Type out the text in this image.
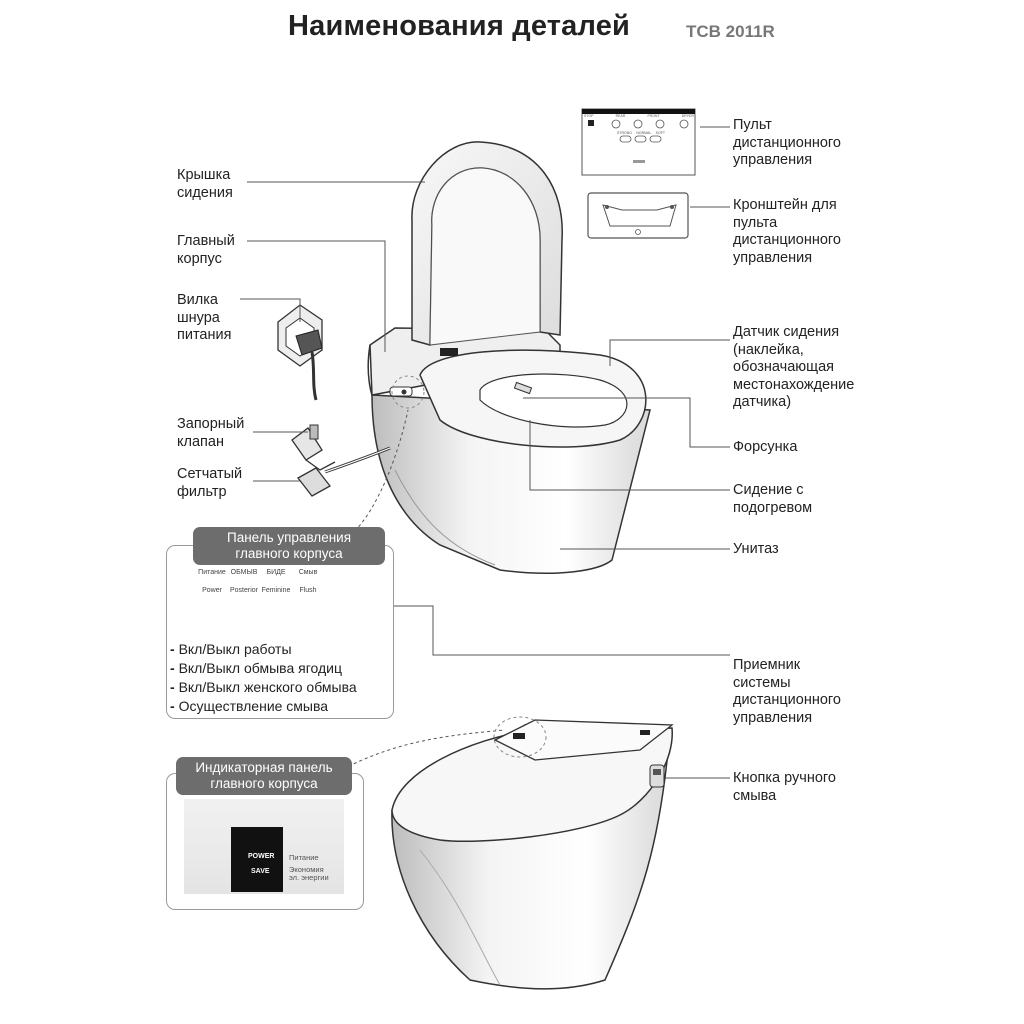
Наименования деталей	TCB 2011R
Крышка
сидения
Главный
корпус
Вилка
шнура
питания
Запорный
клапан
Сетчатый
фильтр
Пульт
дистанционного
управления
Кронштейн для
пульта
дистанционного
управления
Датчик сидения
(наклейка,
обозначающая
местонахождение
датчика)
Форсунка
Сидение с
подогревом
Унитаз
Приемник
системы
дистанционного
управления
Кнопка ручного
смыва
Панель управления
главного корпуса
Питание ОБМЫВ	БИДЕ	Смыв
Power	Posterior Feminine	Flush
- Вкл/Выкл работы
- Вкл/Выкл обмыва ягодиц
- Вкл/Выкл женского обмыва
- Осуществление смыва
Индикаторная панель
главного корпуса
POWER
SAVE
Питание
Экономия
эл. энергии
STOP	REAR	FRONT	DRYER
STRONG NORMAL SOFT
